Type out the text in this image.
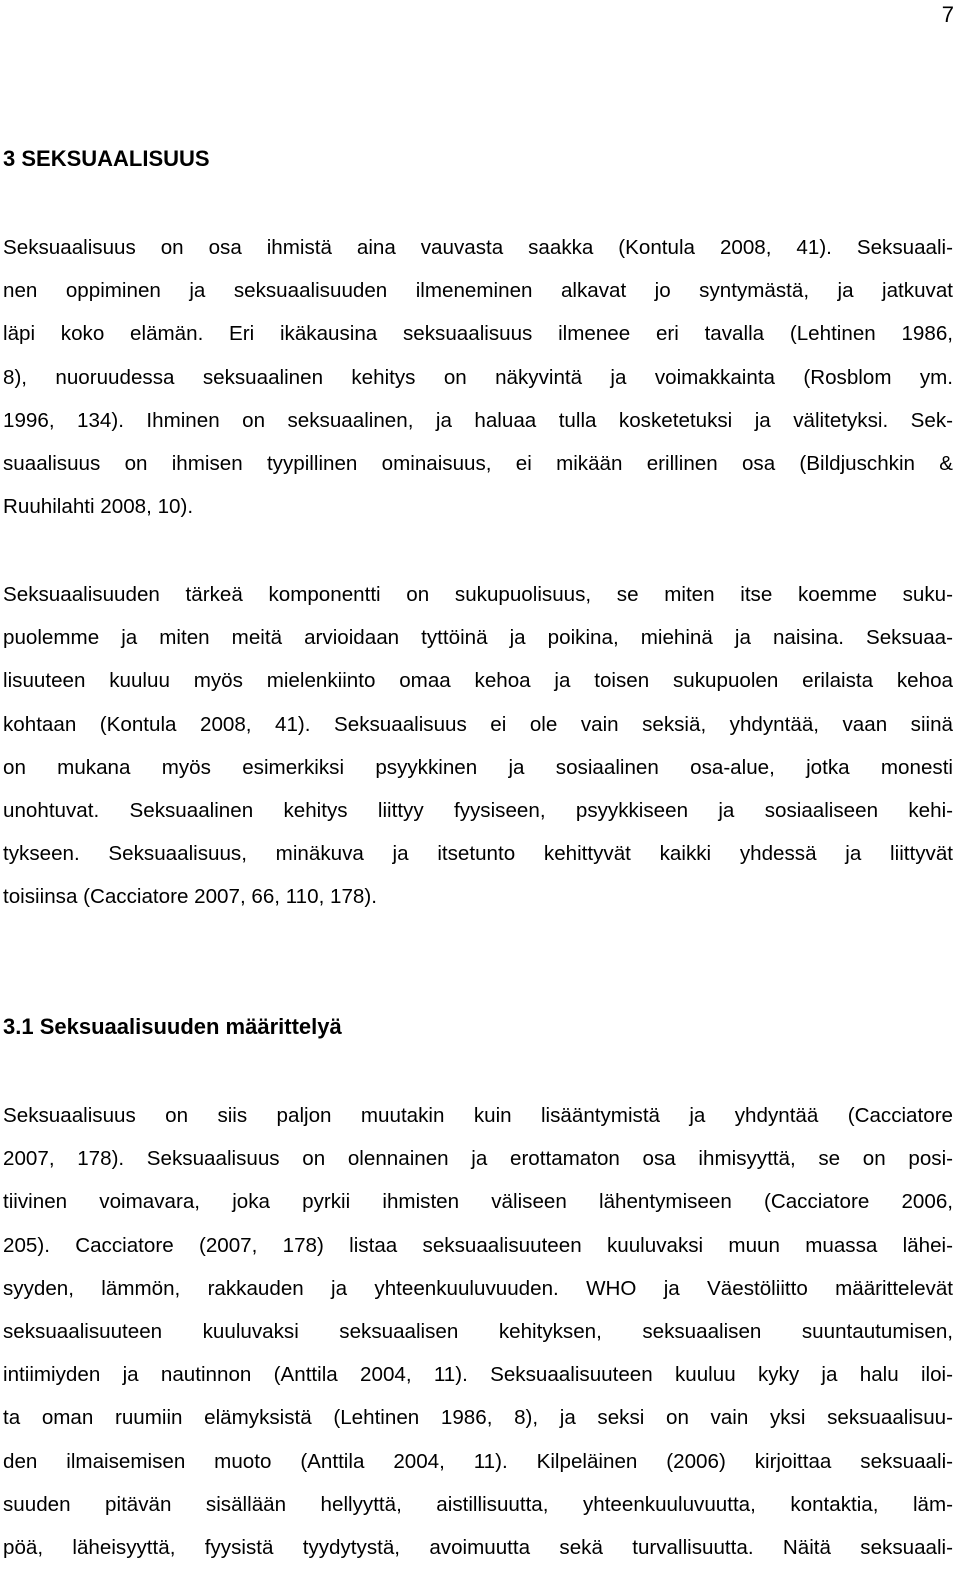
7
3 SEKSUAALISUUS
Seksuaalisuus on osa ihmistä aina vauvasta saakka (Kontula 2008, 41). Seksuaali-
nen oppiminen ja seksuaalisuuden ilmeneminen alkavat jo syntymästä, ja jatkuvat
läpi koko elämän. Eri ikäkausina seksuaalisuus ilmenee eri tavalla (Lehtinen 1986,
8), nuoruudessa seksuaalinen kehitys on näkyvintä ja voimakkainta (Rosblom ym.
1996, 134). Ihminen on seksuaalinen, ja haluaa tulla kosketetuksi ja välitetyksi. Sek-
suaalisuus on ihmisen tyypillinen ominaisuus, ei mikään erillinen osa (Bildjuschkin &
Ruuhilahti 2008, 10).
Seksuaalisuuden tärkeä komponentti on sukupuolisuus, se miten itse koemme suku-
puolemme ja miten meitä arvioidaan tyttöinä ja poikina, miehinä ja naisina. Seksuaa-
lisuuteen kuuluu myös mielenkiinto omaa kehoa ja toisen sukupuolen erilaista kehoa
kohtaan (Kontula 2008, 41). Seksuaalisuus ei ole vain seksiä, yhdyntää, vaan siinä
on mukana myös esimerkiksi psyykkinen ja sosiaalinen osa-alue, jotka monesti
unohtuvat. Seksuaalinen kehitys liittyy fyysiseen, psyykkiseen ja sosiaaliseen kehi-
tykseen. Seksuaalisuus, minäkuva ja itsetunto kehittyvät kaikki yhdessä ja liittyvät
toisiinsa (Cacciatore 2007, 66, 110, 178).
3.1 Seksuaalisuuden määrittelyä
Seksuaalisuus on siis paljon muutakin kuin lisääntymistä ja yhdyntää (Cacciatore
2007, 178). Seksuaalisuus on olennainen ja erottamaton osa ihmisyyttä, se on posi-
tiivinen voimavara, joka pyrkii ihmisten väliseen lähentymiseen (Cacciatore 2006,
205). Cacciatore (2007, 178) listaa seksuaalisuuteen kuuluvaksi muun muassa lähei-
syyden, lämmön, rakkauden ja yhteenkuuluvuuden. WHO ja Väestöliitto määrittelevät
seksuaalisuuteen kuuluvaksi seksuaalisen kehityksen, seksuaalisen suuntautumisen,
intiimiyden ja nautinnon (Anttila 2004, 11). Seksuaalisuuteen kuuluu kyky ja halu iloi-
ta oman ruumiin elämyksistä (Lehtinen 1986, 8), ja seksi on vain yksi seksuaalisuu-
den ilmaisemisen muoto (Anttila 2004, 11). Kilpeläinen (2006) kirjoittaa seksuaali-
suuden pitävän sisällään hellyyttä, aistillisuutta, yhteenkuuluvuutta, kontaktia, läm-
pöä, läheisyyttä, fyysistä tyydytystä, avoimuutta sekä turvallisuutta. Näitä seksuaali-
